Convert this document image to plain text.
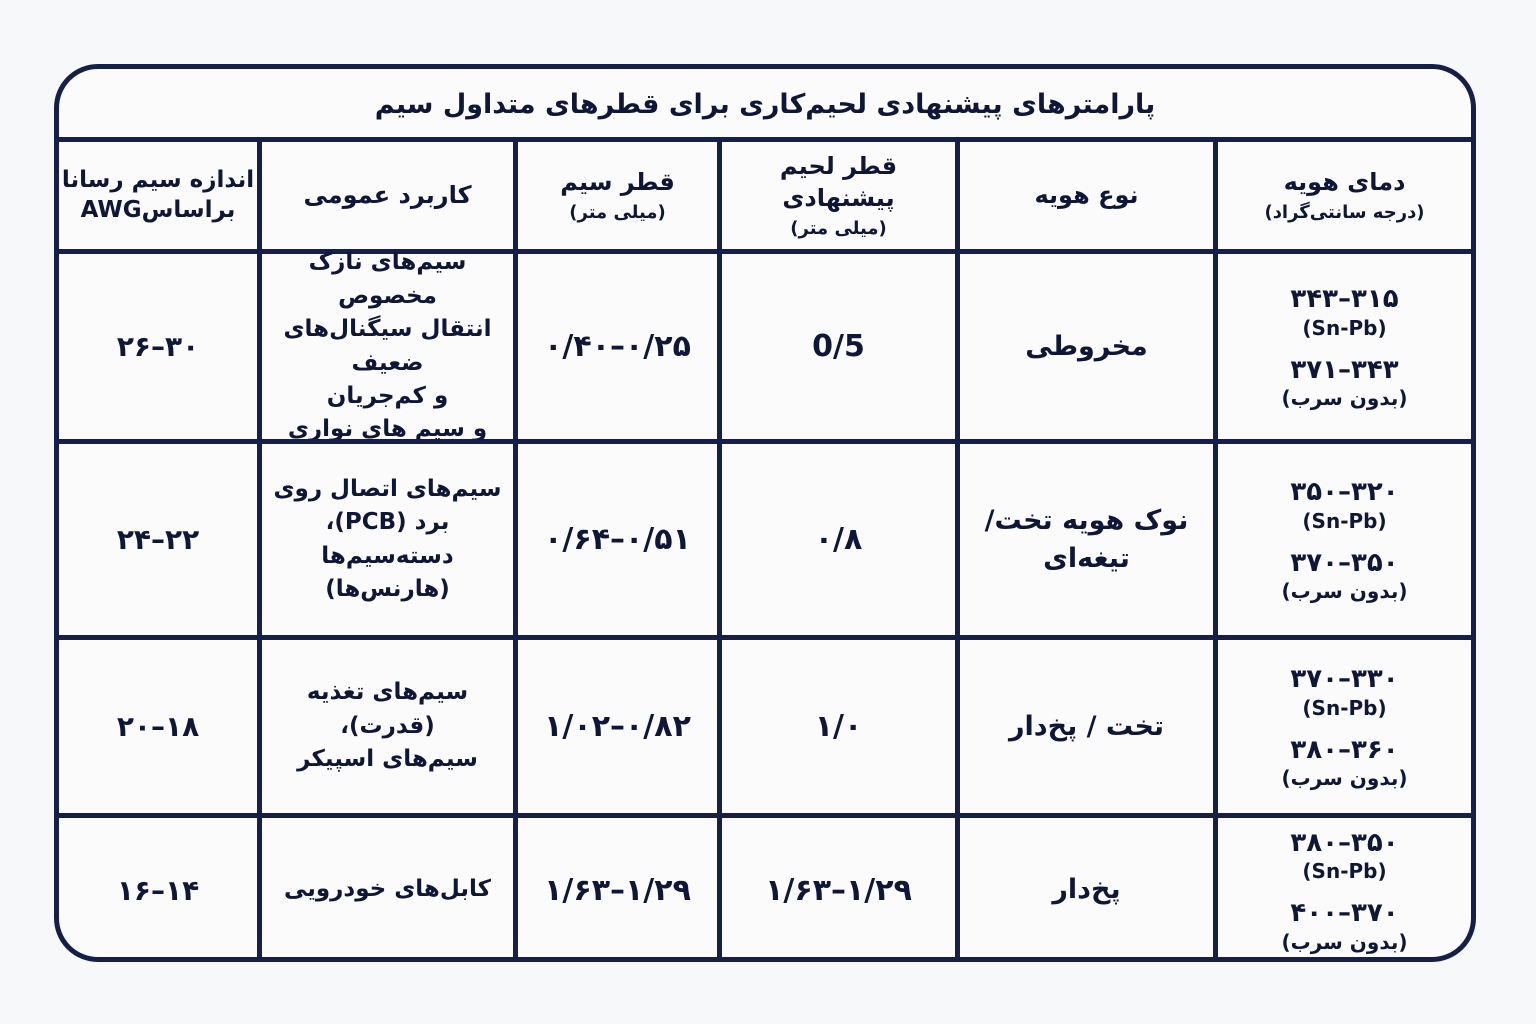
پارامترهای پیشنهادی لحیم‌کاری برای قطرهای متداول سیم
دمای هویه
(درجه سانتی‌گراد)
نوع هویه
قطر لحیم پیشنهادی
(میلی متر)
قطر سیم
(میلی متر)
کاربرد عمومی
اندازه سیم رسانا
براساسAWG
۳۱۵–۳۴۳
(Sn-Pb)
۳۴۳–۳۷۱
(بدون سرب)
مخروطی
0/5
۰/۲۵–۰/۴۰
سیم‌های نازک مخصوص
انتقال سیگنال‌های ضعیف
و کم‌جریان
و سیم های نواری
۳۰–۲۶
۳۲۰–۳۵۰
(Sn-Pb)
۳۵۰–۳۷۰
(بدون سرب)
نوک هویه تخت/
تیغه‌ای
۰/۸
۰/۵۱–۰/۶۴
سیم‌های اتصال روی
برد (PCB)،
دسته‌سیم‌ها (هارنس‌ها)
۲۲–۲۴
۳۳۰–۳۷۰
(Sn-Pb)
۳۶۰–۳۸۰
(بدون سرب)
تخت / پخ‌دار
۱/۰
۰/۸۲–۱/۰۲
سیم‌های تغذیه (قدرت)،
سیم‌های اسپیکر
۱۸–۲۰
۳۵۰–۳۸۰
(Sn-Pb)
۳۷۰–۴۰۰
(بدون سرب)
پخ‌دار
۱/۲۹–۱/۶۳
۱/۲۹–۱/۶۳
کابل‌های خودرویی
۱۴–۱۶
